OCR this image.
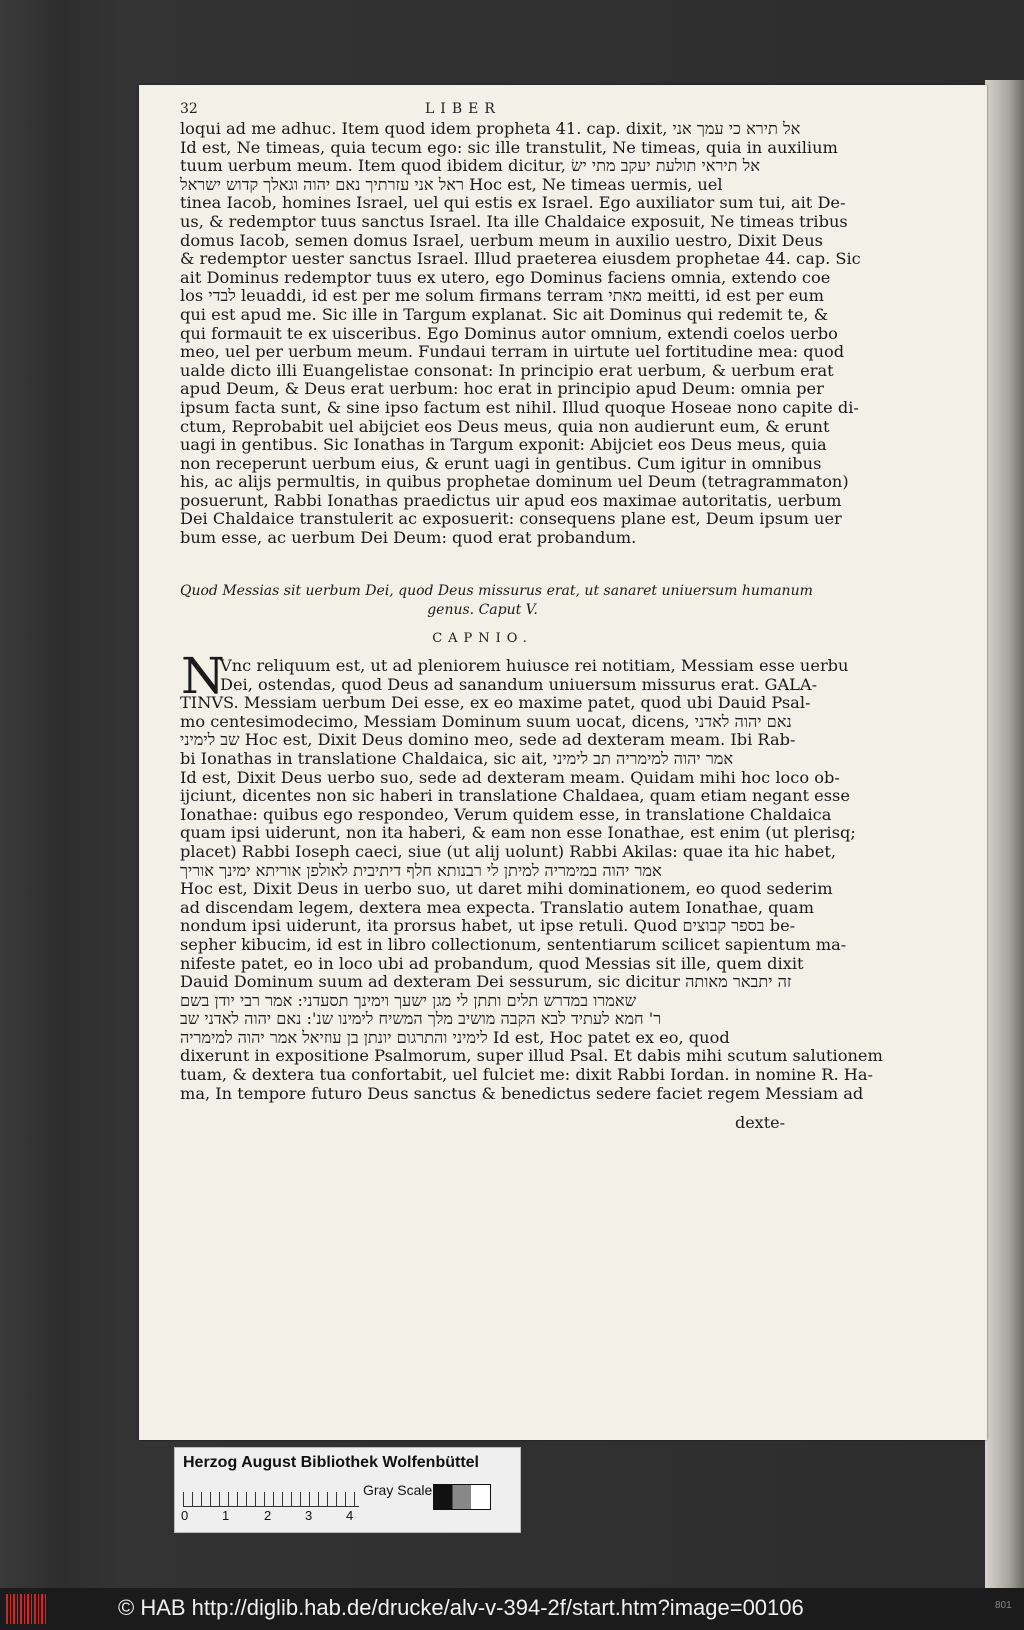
32	LIBER
loqui ad me adhuc. Item quod idem propheta 41. cap. dixit, אל תירא כי עמך אני
Id est, Ne timeas, quia tecum ego: sic ille transtulit, Ne timeas, quia in auxilium
tuum uerbum meum. Item quod ibidem dicitur, אל תיראי תולעת יעקב מתי ישׂ
ראל אני עזרתיך נאם יהוה וגאלך קדוש ישראל Hoc est, Ne timeas uermis, uel
tinea Iacob, homines Israel, uel qui estis ex Israel. Ego auxiliator sum tui, ait De-
us, & redemptor tuus sanctus Israel. Ita ille Chaldaice exposuit, Ne timeas tribus
domus Iacob, semen domus Israel, uerbum meum in auxilio uestro, Dixit Deus
& redemptor uester sanctus Israel. Illud praeterea eiusdem prophetae 44. cap. Sic
ait Dominus redemptor tuus ex utero, ego Dominus faciens omnia, extendo coe
los לבדי leuaddi, id est per me solum firmans terram מאתי meitti, id est per eum
qui est apud me. Sic ille in Targum explanat. Sic ait Dominus qui redemit te, &
qui formauit te ex uisceribus. Ego Dominus autor omnium, extendi coelos uerbo
meo, uel per uerbum meum. Fundaui terram in uirtute uel fortitudine mea: quod
ualde dicto illi Euangelistae consonat: In principio erat uerbum, & uerbum erat
apud Deum, & Deus erat uerbum: hoc erat in principio apud Deum: omnia per
ipsum facta sunt, & sine ipso factum est nihil. Illud quoque Hoseae nono capite di-
ctum, Reprobabit uel abijciet eos Deus meus, quia non audierunt eum, & erunt
uagi in gentibus. Sic Ionathas in Targum exponit: Abijciet eos Deus meus, quia
non receperunt uerbum eius, & erunt uagi in gentibus. Cum igitur in omnibus
his, ac alijs permultis, in quibus prophetae dominum uel Deum (tetragrammaton)
posuerunt, Rabbi Ionathas praedictus uir apud eos maximae autoritatis, uerbum
Dei Chaldaice transtulerit ac exposuerit: consequens plane est, Deum ipsum uer
bum esse, ac uerbum Dei Deum: quod erat probandum.
Quod Messias sit uerbum Dei, quod Deus missurus erat, ut sanaret uniuersum humanum
genus. Caput V.
CAPNIO.
N
Vnc reliquum est, ut ad pleniorem huiusce rei notitiam, Messiam esse uerbu
Dei, ostendas, quod Deus ad sanandum uniuersum missurus erat. GALA-
TINVS. Messiam uerbum Dei esse, ex eo maxime patet, quod ubi Dauid Psal-
mo centesimodecimo, Messiam Dominum suum uocat, dicens, נאם יהוה לאדני
שב לימיני Hoc est, Dixit Deus domino meo, sede ad dexteram meam. Ibi Rab-
bi Ionathas in translatione Chaldaica, sic ait, אמר יהוה למימריה תב לימיני
Id est, Dixit Deus uerbo suo, sede ad dexteram meam. Quidam mihi hoc loco ob-
ijciunt, dicentes non sic haberi in translatione Chaldaea, quam etiam negant esse
Ionathae: quibus ego respondeo, Verum quidem esse, in translatione Chaldaica
quam ipsi uiderunt, non ita haberi, & eam non esse Ionathae, est enim (ut plerisq;
placet) Rabbi Ioseph caeci, siue (ut alij uolunt) Rabbi Akilas: quae ita hic habet,
אמר יהוה במימריה למיתן לי רבנותא חלף דיתיבית לאולפן אוריתא ימינך אוריך
Hoc est, Dixit Deus in uerbo suo, ut daret mihi dominationem, eo quod sederim
ad discendam legem, dextera mea expecta. Translatio autem Ionathae, quam
nondum ipsi uiderunt, ita prorsus habet, ut ipse retuli. Quod בספר קבוצים be-
sepher kibucim, id est in libro collectionum, sententiarum scilicet sapientum ma-
nifeste patet, eo in loco ubi ad probandum, quod Messias sit ille, quem dixit
Dauid Dominum suum ad dexteram Dei sessurum, sic dicitur זה יתבאר מאותה
שאמרו במדרש תלים ותתן לי מגן ישעך וימינך תסעדני: אמר רבי יודן בשם
ר' חמא לעתיד לבא הקבה מושיב מלך המשיח לימינו שנ': נאם יהוה לאדני שב
לימיני והתרגום יונתן בן עוזיאל אמר יהוה למימריה Id est, Hoc patet ex eo, quod
dixerunt in expositione Psalmorum, super illud Psal. Et dabis mihi scutum salutionem
tuam, & dextera tua confortabit, uel fulciet me: dixit Rabbi Iordan. in nomine R. Ha-
ma, In tempore futuro Deus sanctus & benedictus sedere faciet regem Messiam ad
dexte-
Herzog August Bibliothek Wolfenbüttel
0	1	2	3	4
Gray Scale
© HAB http://diglib.hab.de/drucke/alv-v-394-2f/start.htm?image=00106	801
